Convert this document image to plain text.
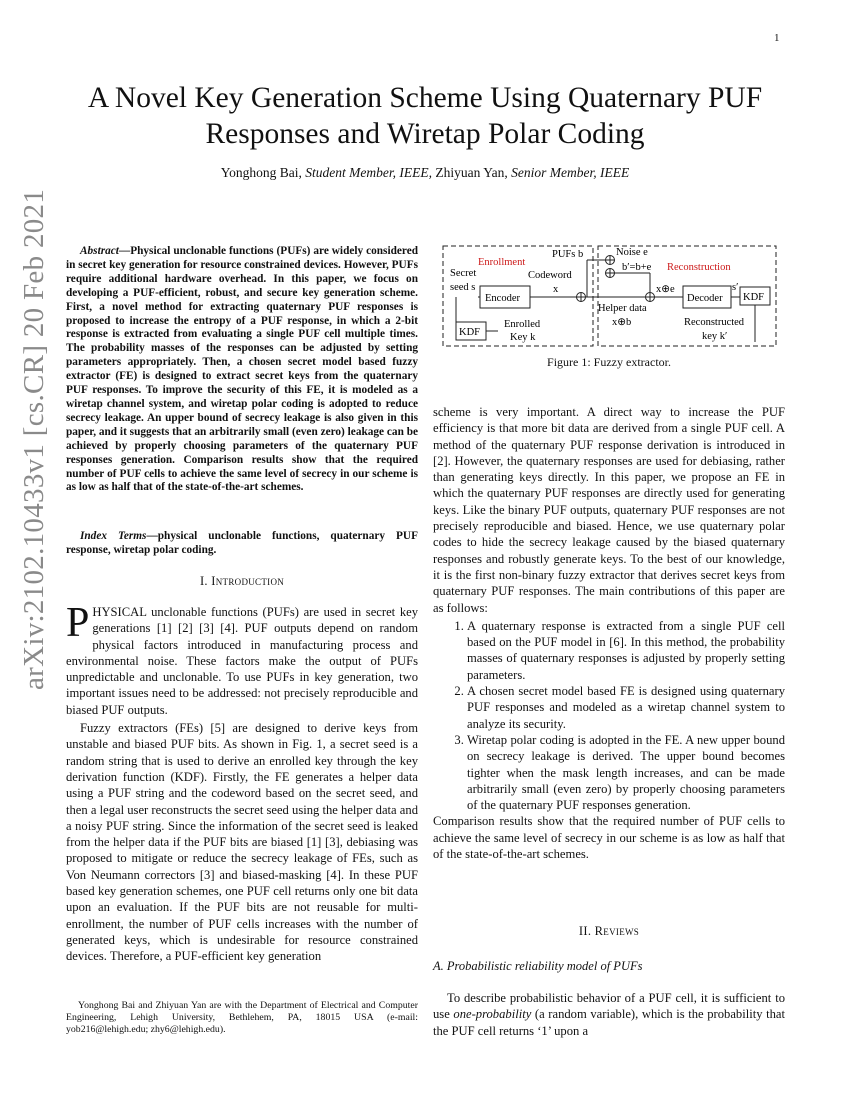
1
arXiv:2102.10433v1 [cs.CR] 20 Feb 2021
A Novel Key Generation Scheme Using Quaternary PUF Responses and Wiretap Polar Coding
Yonghong Bai, Student Member, IEEE, Zhiyuan Yan, Senior Member, IEEE
Abstract—Physical unclonable functions (PUFs) are widely considered in secret key generation for resource constrained devices. However, PUFs require additional hardware overhead. In this paper, we focus on developing a PUF-efficient, robust, and secure key generation scheme. First, a novel method for extracting quaternary PUF responses is proposed to increase the entropy of a PUF response, in which a 2-bit response is extracted from evaluating a single PUF cell multiple times. The probability masses of the responses can be adjusted by setting parameters appropriately. Then, a chosen secret model based fuzzy extractor (FE) is designed to extract secret keys from the quaternary PUF responses. To improve the security of this FE, it is modeled as a wiretap channel system, and wiretap polar coding is adopted to reduce secrecy leakage. An upper bound of secrecy leakage is also given in this paper, and it suggests that an arbitrarily small (even zero) leakage can be achieved by properly choosing parameters of the quaternary PUF responses generation. Comparison results show that the required number of PUF cells to achieve the same level of secrecy in our scheme is as low as half that of the state-of-the-art schemes.
Index Terms—physical unclonable functions, quaternary PUF response, wiretap polar coding.
I. Introduction

PHYSICAL unclonable functions (PUFs) are used in secret key generations [1] [2] [3] [4]. PUF outputs depend on random physical factors introduced in manufacturing process and environmental noise. These factors make the output of PUFs unpredictable and unclonable. To use PUFs in key generation, two important issues need to be addressed: not precisely reproducible and biased PUF outputs.

Fuzzy extractors (FEs) [5] are designed to derive keys from unstable and biased PUF bits. As shown in Fig. 1, a secret seed is a random string that is used to derive an enrolled key through the key derivation function (KDF). Firstly, the FE generates a helper data using a PUF string and the codeword based on the secret seed, and then a legal user reconstructs the secret seed using the helper data and a noisy PUF string. Since the information of the secret seed is leaked from the helper data if the PUF bits are biased [1] [3], debiasing was proposed to mitigate or reduce the secrecy leakage of FEs, such as Von Neumann correctors [3] and biased-masking [4]. In these PUF based key generation schemes, one PUF cell returns only one bit data upon an evaluation. If the PUF bits are not reusable for multi-enrollment, the number of PUF cells increases with the number of generated keys, which is undesirable for resource constrained devices. Therefore, a PUF-efficient key generation

Yonghong Bai and Zhiyuan Yan are with the Department of Electrical and Computer Engineering, Lehigh University, Bethlehem, PA, 18015 USA (e-mail: yob216@lehigh.edu; zhy6@lehigh.edu).
Enrollment	Reconstruction
Secret
seed s
Encoder
Codeword
x
PUFs b	Noise e
b′=b+e
Helper data
x⊕b
x⊕e
Decoder
s′
KDF
Reconstructed
key k′
KDF
Enrolled
Key k
Figure 1: Fuzzy extractor.

scheme is very important. A direct way to increase the PUF efficiency is that more bit data are derived from a single PUF cell. A method of the quaternary PUF response derivation is introduced in [2]. However, the quaternary responses are used for debiasing, rather than generating keys directly. In this paper, we propose an FE in which the quaternary PUF responses are directly used for generating keys. Like the binary PUF outputs, quaternary PUF responses are not precisely reproducible and biased. Hence, we use quaternary polar codes to hide the secrecy leakage caused by the biased quaternary responses and robustly generate keys. To the best of our knowledge, it is the first non-binary fuzzy extractor that derives secret keys from quaternary PUF responses. The main contributions of this paper are as follows:

1. A quaternary response is extracted from a single PUF cell based on the PUF model in [6]. In this method, the probability masses of quaternary responses is adjusted by properly setting parameters.
2. A chosen secret model based FE is designed using quaternary PUF responses and modeled as a wiretap channel system to analyze its security.
3. Wiretap polar coding is adopted in the FE. A new upper bound on secrecy leakage is derived. The upper bound becomes tighter when the mask length increases, and can be made arbitrarily small (even zero) by properly choosing parameters of the quaternary PUF responses generation.

Comparison results show that the required number of PUF cells to achieve the same level of secrecy in our scheme is as low as half that of the state-of-the-art schemes.

II. Reviews
A. Probabilistic reliability model of PUFs

To describe probabilistic behavior of a PUF cell, it is sufficient to use one-probability (a random variable), which is the probability that the PUF cell returns ‘1’ upon a
